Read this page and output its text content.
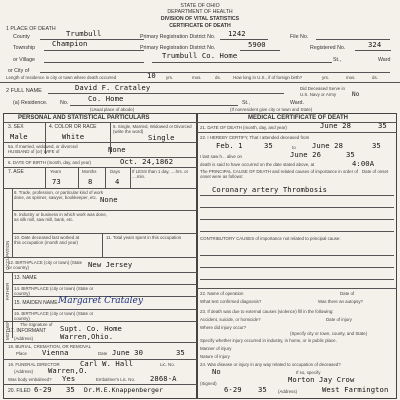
STATE OF OHIO
DEPARTMENT OF HEALTH
DIVISION OF VITAL STATISTICS
CERTIFICATE OF DEATH
1 PLACE OF DEATH
County	Trumbull	Primary Registration District No. 1242	File No.
Township Champion	Primary Registration District No.	5900	Registered No.	324
or Village	Trumbull Co. Home	St.,	Ward
or City of
Length of residence in city or town where death occurred	10 yrs.	mos.	ds.	How long in U.S., if of foreign birth?	yrs.	mos.	ds.
2 FULL NAME	David F. Crataley	Did Deceased Serve in
U.S. Navy or Army	No
(a) Residence. No.	Co. Home	St.,	Ward.
(Usual place of abode)	(If nonresident give city or town and State)
PERSONAL AND STATISTICAL PARTICULARS	MEDICAL CERTIFICATE OF DEATH
3. SEX	4. COLOR OR RACE	5. Single, Married, Widowed or Divorced (write the word)
Male	White	Single
5a. If married, widowed, or divorced HUSBAND of (or) WIFE of	None
6. DATE OF BIRTH (month, day, and year)	Oct. 24,1862
7. AGE	Years	Months	Days	If LESS than 1 day, ....hrs. or ....min.
73	8	4
OCCUPATION
8. Trade, profession, or particular kind of work done, as spinner, sawyer, bookkeeper, etc. None
9. Industry or business in which work was done, as silk mill, saw mill, bank, etc.
10. Date deceased last worked at this occupation (month and year)
11. Total years spent in this occupation
12. BIRTHPLACE (city or town) (State or country)	New Jersey
FATHER
MOTHER
13. NAME
14. BIRTHPLACE (city or town) (State or country)
15. MAIDEN NAME Margaret Crataley
16. BIRTHPLACE (city or town) (State or country)
The Signature of
17. INFORMANT Supt. Co. Home
(Address)	Warren,Ohio.
18. BURIAL, CREMATION, OR REMOVAL
Place Vienna	Date June 30	35
19. FUNERAL DIRECTOR	Carl W. Hall	Lic. No.
(Address) Warren,O.
Was body embalmed? Yes	Embalmer's Lic. No. 2868-A
20. FILED 6-29 35 Dr.M.E.Knappenberger
21. DATE OF DEATH (month, day, and year)	June 28	35
22. I HEREBY CERTIFY, That I attended deceased from
Feb. 1	35	to June 28	35
I last saw h... alive on	June 26	35
death is said to have occurred on the date stated above, at	4:00A
The PRINCIPAL CAUSE OF DEATH and related causes of importance in order of onset were as follows:
Date of onset
Coronary artery Thrombosis
CONTRIBUTORY CAUSES of importance not related to principal cause:
22. Name of operation	Date of
What test confirmed diagnosis?	Was there an autopsy?
23. If death was due to external causes (violence) fill in the following:
Accident, suicide, or homicide?	Date of injury
Where did injury occur?
(Specify city or town, county, and State)
Specify whether injury occurred in industry, in home, or in public place.
Manner of injury
Nature of injury
24. Was disease or injury in any way related to occupation of deceased?
No	If so, specify
(Signed)	Morton Jay Crow
6-29 35	(Address)	West Farmington
